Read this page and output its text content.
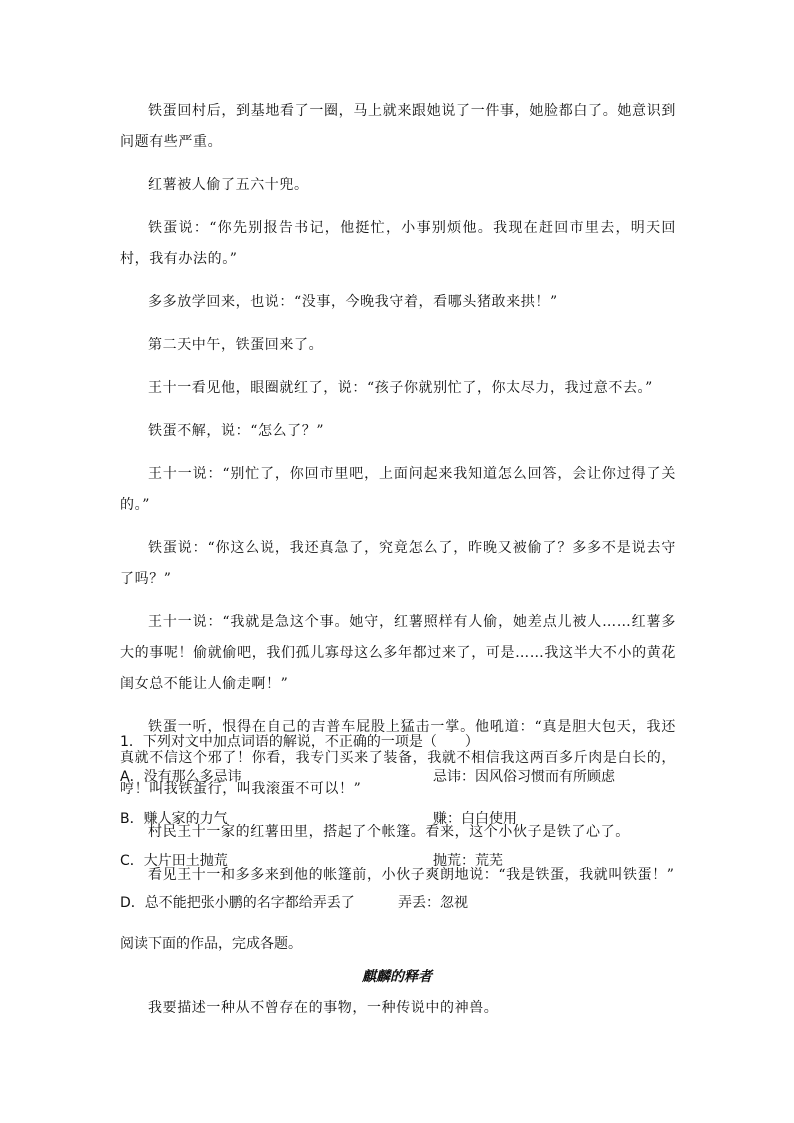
铁蛋回村后，到基地看了一圈，马上就来跟她说了一件事，她脸都白了。她意识到问题有些严重。

红薯被人偷了五六十兜。

铁蛋说：“你先别报告书记，他挺忙，小事别烦他。我现在赶回市里去，明天回村，我有办法的。”

多多放学回来，也说：“没事，今晚我守着，看哪头猪敢来拱！”

第二天中午，铁蛋回来了。

王十一看见他，眼圈就红了，说：“孩子你就别忙了，你太尽力，我过意不去。”

铁蛋不解，说：“怎么了？”

王十一说：“别忙了，你回市里吧，上面问起来我知道怎么回答，会让你过得了关的。”

铁蛋说：“你这么说，我还真急了，究竟怎么了，昨晚又被偷了？多多不是说去守了吗？”

王十一说：“我就是急这个事。她守，红薯照样有人偷，她差点儿被人……红薯多大的事呢！偷就偷吧，我们孤儿寡母这么多年都过来了，可是……我这半大不小的黄花闺女总不能让人偷走啊！”

铁蛋一听，恨得在自己的吉普车屁股上猛击一掌。他吼道：“真是胆大包天，我还真就不信这个邪了！你看，我专门买来了装备，我就不相信我这两百多斤肉是白长的，哼！叫我铁蛋行，叫我滚蛋不可以！”

村民王十一家的红薯田里，搭起了个帐篷。看来，这个小伙子是铁了心了。

看见王十一和多多来到他的帐篷前，小伙子爽朗地说：“我是铁蛋，我就叫铁蛋！”

1．下列对文中加点词语的解说，不正确的一项是（　　）

A．没有那么多忌讳	忌讳：因风俗习惯而有所顾虑
B．赚人家的力气	赚：白白使用
C．大片田土抛荒	抛荒：荒芜
D．总不能把张小鹏的名字都给弄丢了	弄丢：忽视
阅读下面的作品，完成各题。
麒麟的释者
我要描述一种从不曾存在的事物，一种传说中的神兽。
